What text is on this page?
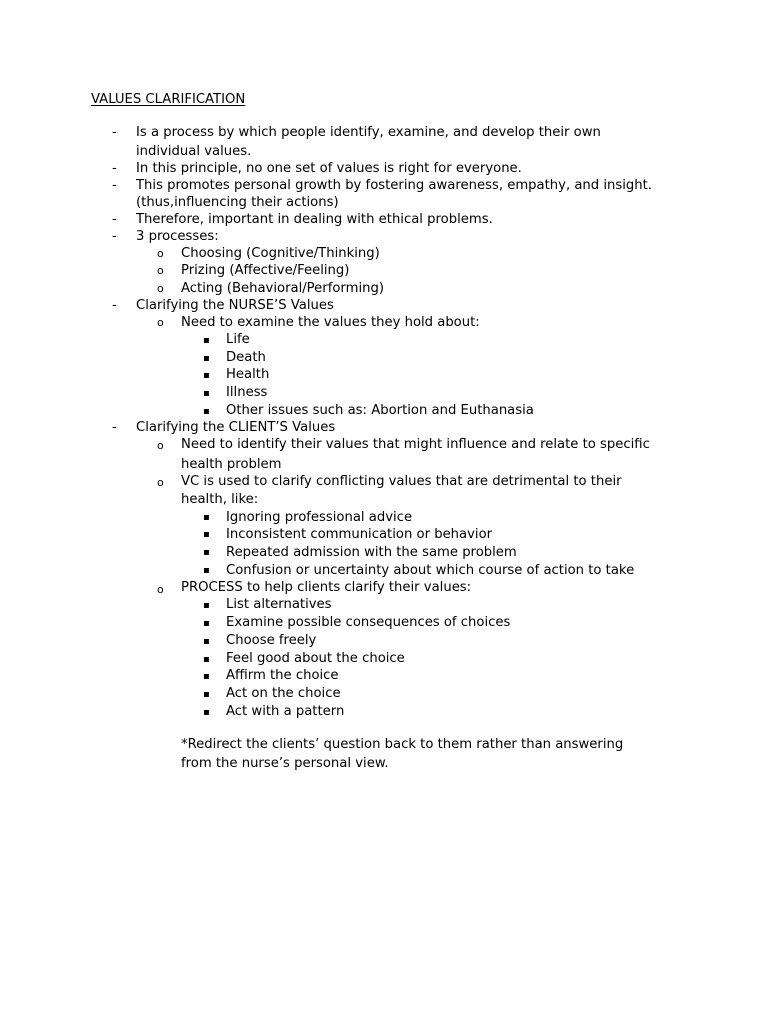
VALUES CLARIFICATION
- Is a process by which people identify, examine, and develop their own
individual values.
- In this principle, no one set of values is right for everyone.
- This promotes personal growth by fostering awareness, empathy, and insight.
(thus,influencing their actions)
- Therefore, important in dealing with ethical problems.
- 3 processes:
o Choosing (Cognitive/Thinking)
o Prizing (Affective/Feeling)
o Acting (Behavioral/Performing)
- Clarifying the NURSE’S Values
o Need to examine the values they hold about:
▪ Life
▪ Death
▪ Health
▪ Illness
▪ Other issues such as: Abortion and Euthanasia
- Clarifying the CLIENT’S Values
o Need to identify their values that might influence and relate to specific
health problem
o VC is used to clarify conflicting values that are detrimental to their
health, like:
▪ Ignoring professional advice
▪ Inconsistent communication or behavior
▪ Repeated admission with the same problem
▪ Confusion or uncertainty about which course of action to take
o PROCESS to help clients clarify their values:
▪ List alternatives
▪ Examine possible consequences of choices
▪ Choose freely
▪ Feel good about the choice
▪ Affirm the choice
▪ Act on the choice
▪ Act with a pattern
*Redirect the clients’ question back to them rather than answering
from the nurse’s personal view.
